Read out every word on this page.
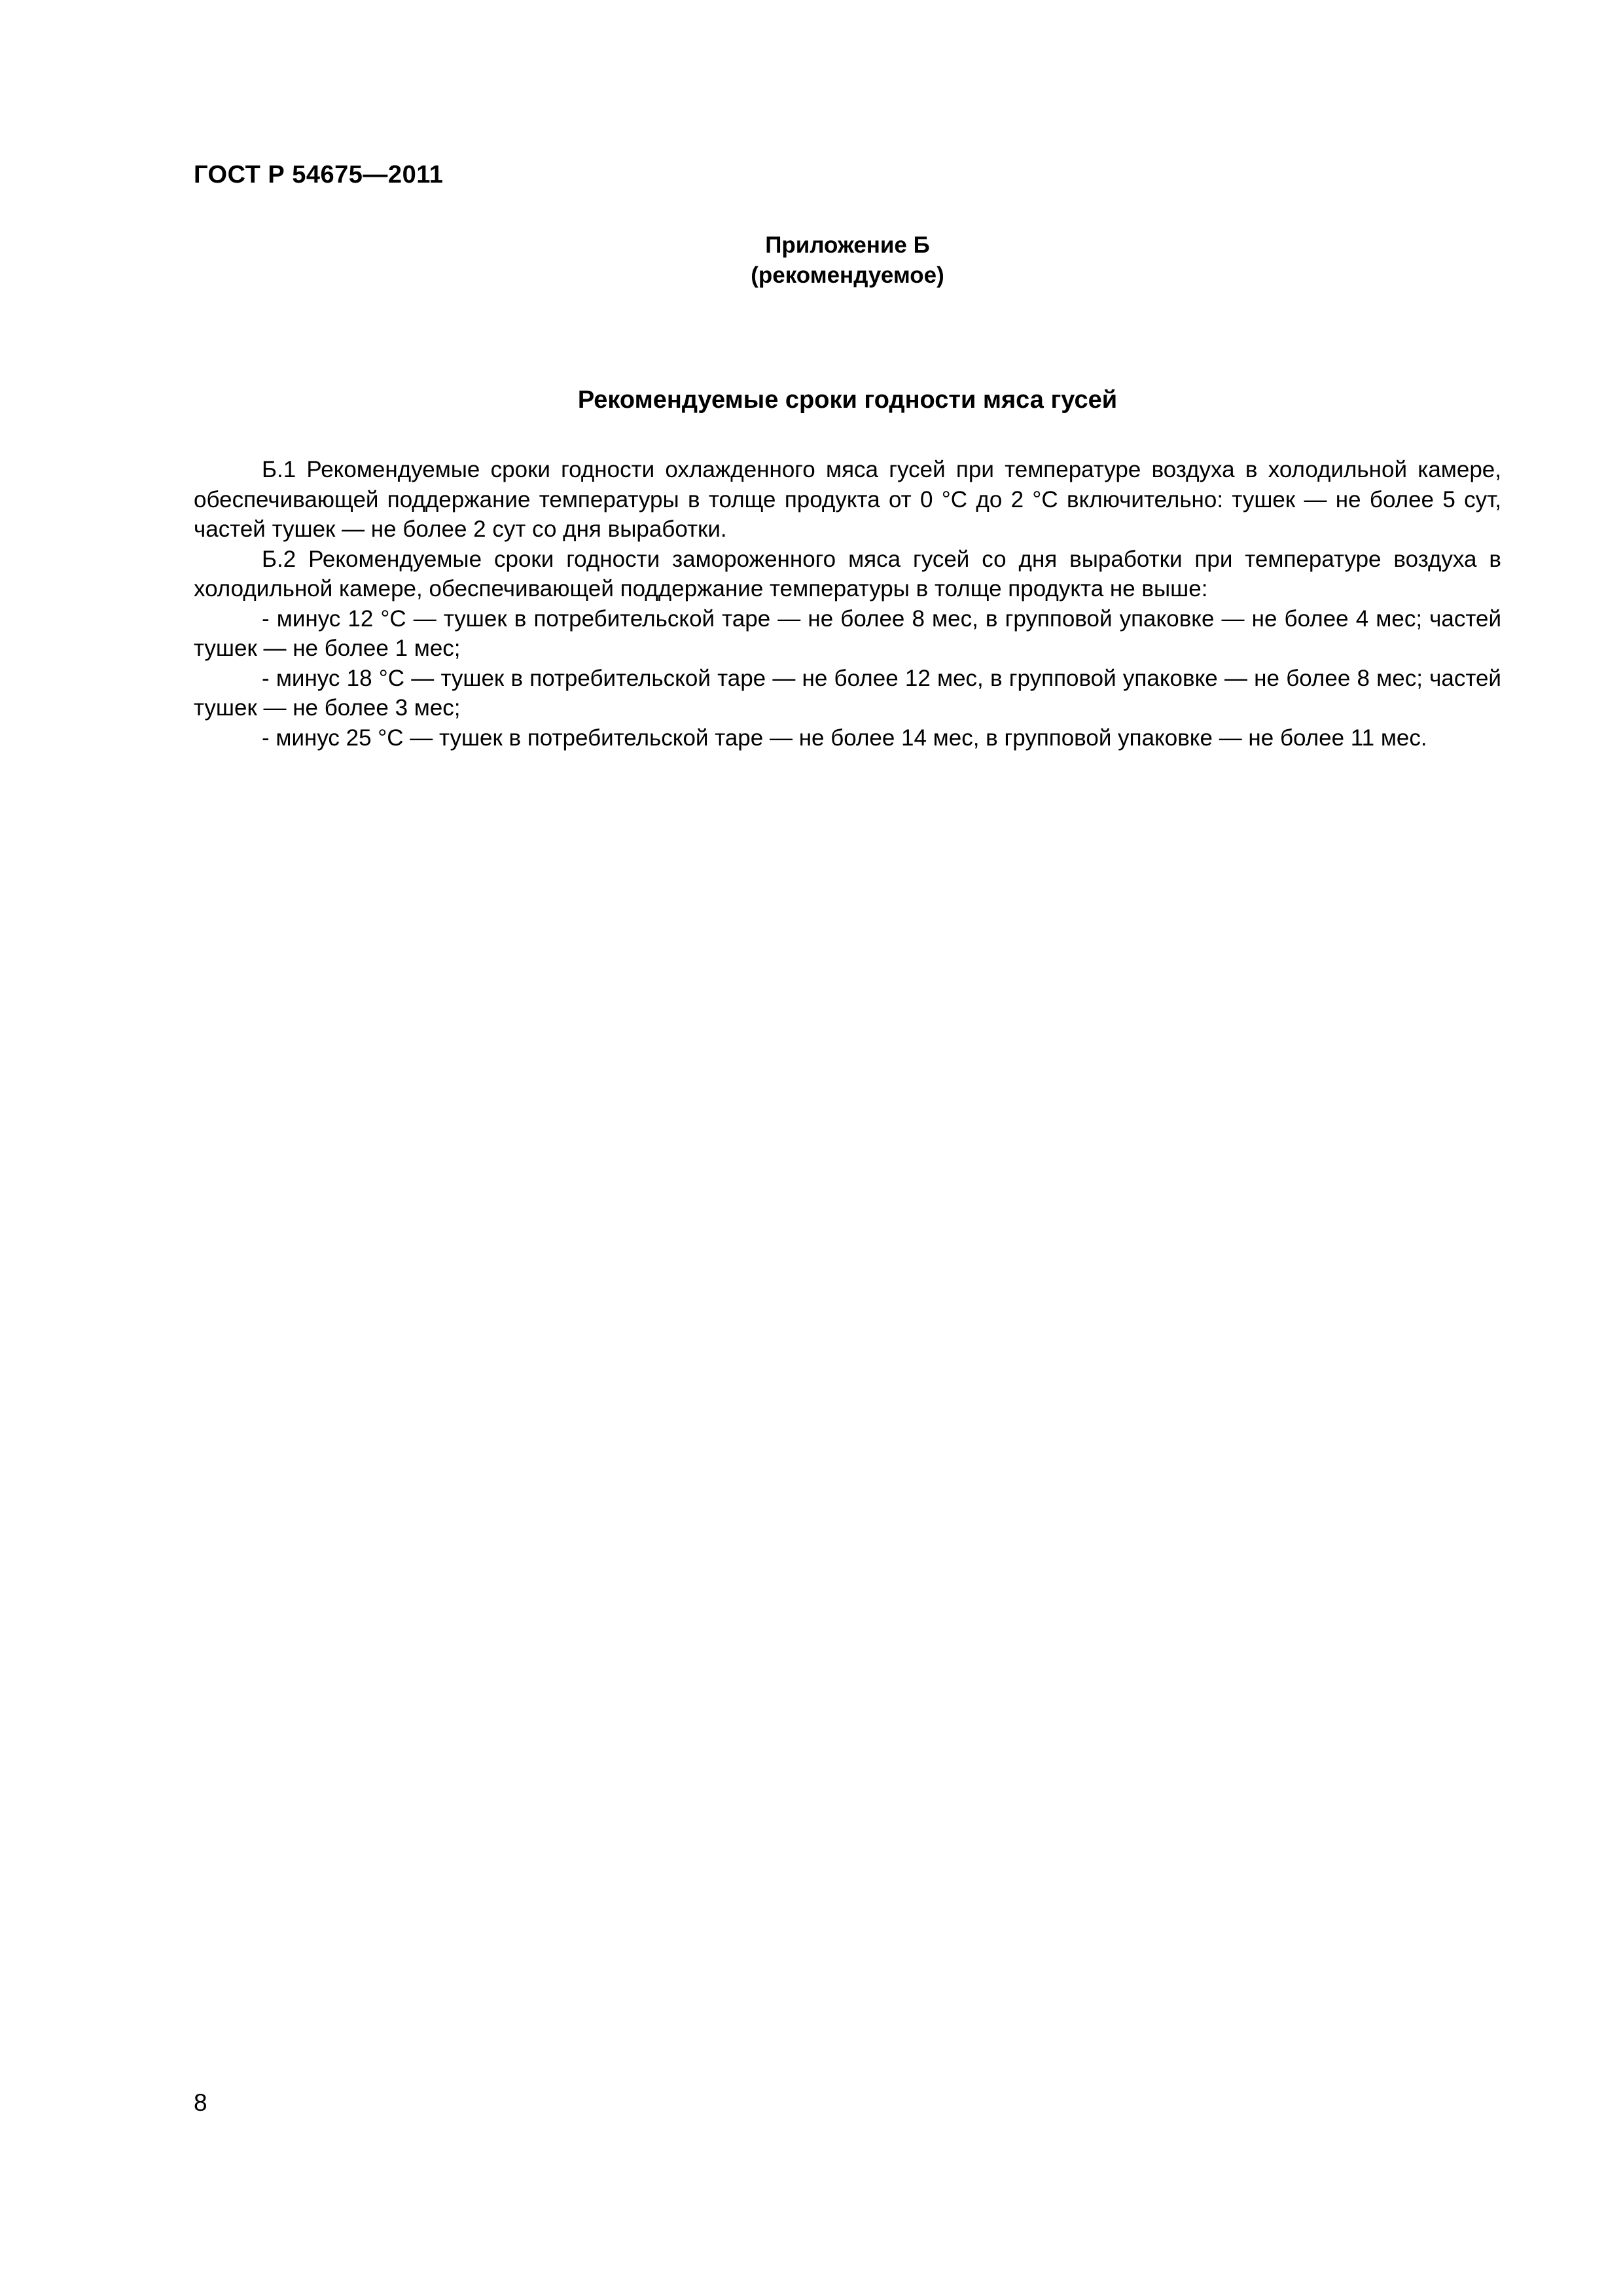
ГОСТ Р 54675—2011
Приложение Б
(рекомендуемое)
Рекомендуемые сроки годности мяса гусей

Б.1 Рекомендуемые сроки годности охлажденного мяса гусей при температуре воздуха в холодильной камере, обеспечивающей поддержание температуры в толще продукта от 0 °С до 2 °С включительно: тушек — не более 5 сут, частей тушек — не более 2 сут со дня выработки.

Б.2 Рекомендуемые сроки годности замороженного мяса гусей со дня выработки при температуре воздуха в холодильной камере, обеспечивающей поддержание температуры в толще продукта не выше:

- минус 12 °С — тушек в потребительской таре — не более 8 мес, в групповой упаковке — не более 4 мес; частей тушек — не более 1 мес;

- минус 18 °С — тушек в потребительской таре — не более 12 мес, в групповой упаковке — не более 8 мес; частей тушек — не более 3 мес;

- минус 25 °С — тушек в потребительской таре — не более 14 мес, в групповой упаковке — не более 11 мес.

8
